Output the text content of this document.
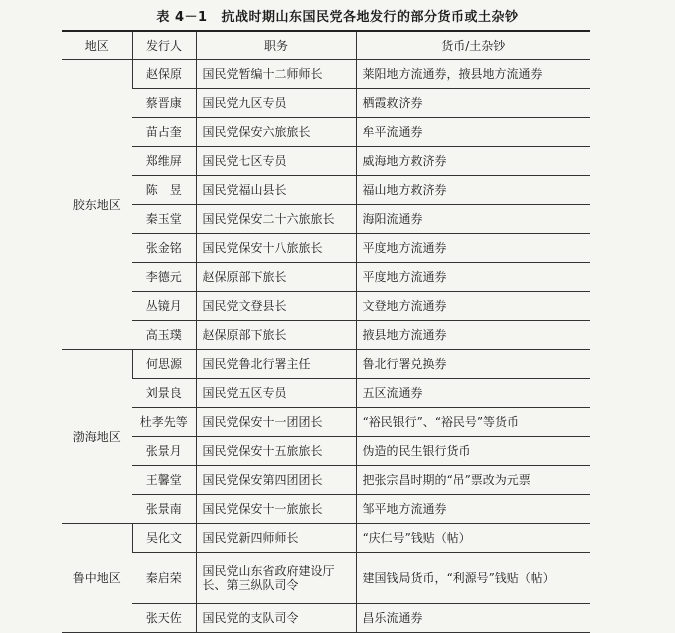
表 4－1 抗战时期山东国民党各地发行的部分货币或土杂钞
地区	发行人	职务	货币/土杂钞
胶东地区	赵保原	国民党暂编十二师师长	莱阳地方流通券，掖县地方流通券
	蔡晋康	国民党九区专员	栖霞救济券
	苗占奎	国民党保安六旅旅长	牟平流通券
	郑维屏	国民党七区专员	威海地方救济券
	陈　昱	国民党福山县长	福山地方救济券
	秦玉堂	国民党保安二十六旅旅长	海阳流通券
	张金铭	国民党保安十八旅旅长	平度地方流通券
	李德元	赵保原部下旅长	平度地方流通券
	丛镜月	国民党文登县长	文登地方流通券
	高玉璞	赵保原部下旅长	掖县地方流通券
渤海地区	何思源	国民党鲁北行署主任	鲁北行署兑换券
	刘景良	国民党五区专员	五区流通券
	杜孝先等	国民党保安十一团团长	“裕民银行”、“裕民号”等货币
	张景月	国民党保安十五旅旅长	伪造的民生银行货币
	王馨堂	国民党保安第四团团长	把张宗昌时期的“吊”票改为元票
	张景南	国民党保安十一旅旅长	邹平地方流通券
鲁中地区	吴化文	国民党新四师师长	“庆仁号”钱贴（帖）
	秦启荣	国民党山东省政府建设厅长、第三纵队司令	建国钱局货币，“利源号”钱贴（帖）
	张天佐	国民党的支队司令	昌乐流通券
